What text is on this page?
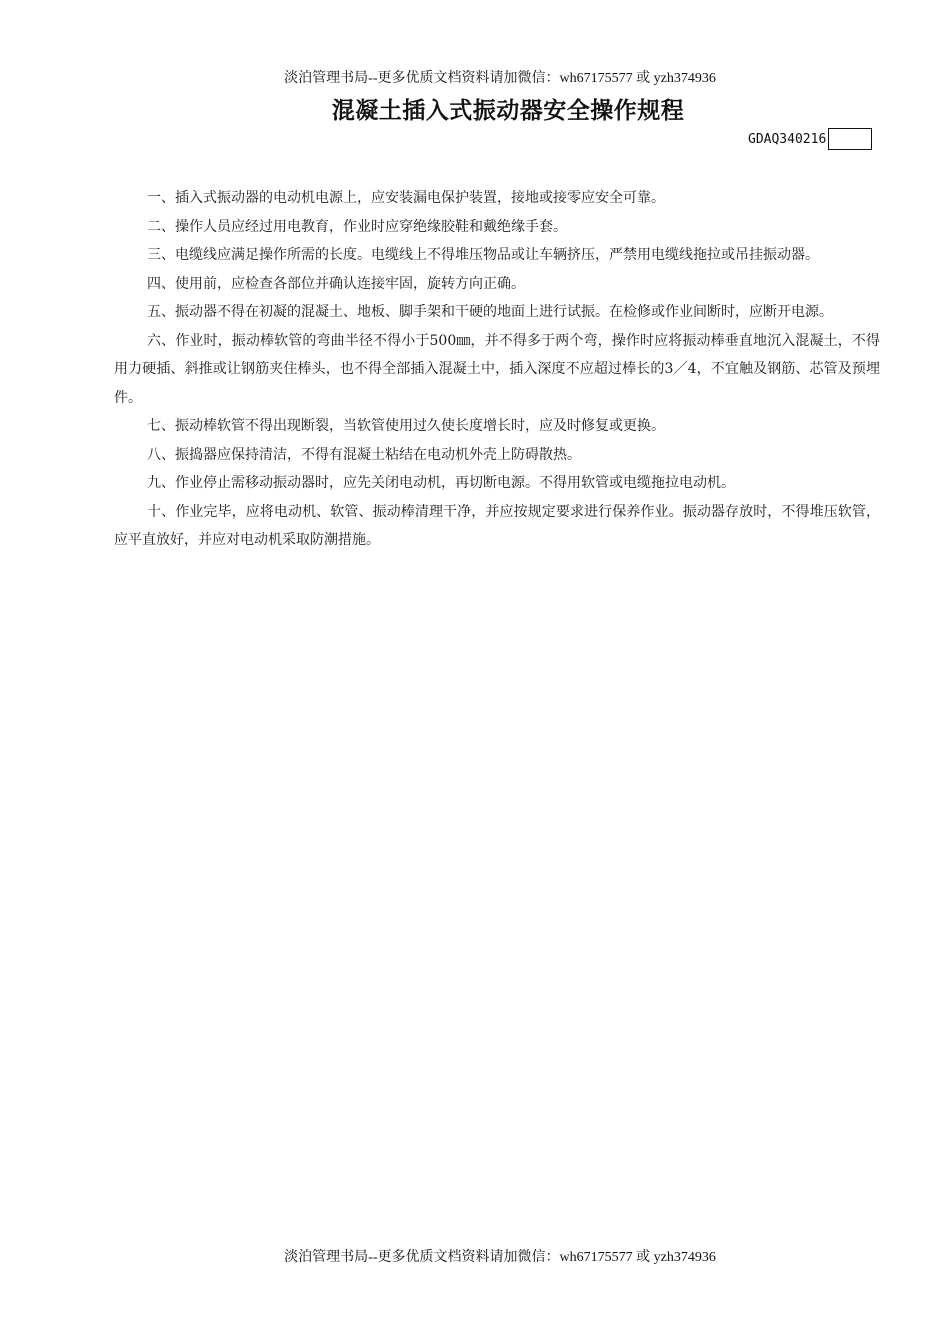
淡泊管理书局--更多优质文档资料请加微信：wh67175577 或 yzh374936
混凝土插入式振动器安全操作规程
GDAQ340216

一、插入式振动器的电动机电源上，应安装漏电保护装置，接地或接零应安全可靠。

二、操作人员应经过用电教育，作业时应穿绝缘胶鞋和戴绝缘手套。

三、电缆线应满足操作所需的长度。电缆线上不得堆压物品或让车辆挤压，严禁用电缆线拖拉或吊挂振动器。

四、使用前，应检查各部位并确认连接牢固，旋转方向正确。

五、振动器不得在初凝的混凝土、地板、脚手架和干硬的地面上进行试振。在检修或作业间断时，应断开电源。

六、作业时，振动棒软管的弯曲半径不得小于500㎜，并不得多于两个弯，操作时应将振动棒垂直地沉入混凝土，不得用力硬插、斜推或让钢筋夹住棒头，也不得全部插入混凝土中，插入深度不应超过棒长的3／4，不宜触及钢筋、芯管及预埋件。

七、振动棒软管不得出现断裂，当软管使用过久使长度增长时，应及时修复或更换。

八、振捣器应保持清洁，不得有混凝土粘结在电动机外壳上防碍散热。

九、作业停止需移动振动器时，应先关闭电动机，再切断电源。不得用软管或电缆拖拉电动机。

十、作业完毕，应将电动机、软管、振动棒清理干净，并应按规定要求进行保养作业。振动器存放时，不得堆压软管，应平直放好，并应对电动机采取防潮措施。

淡泊管理书局--更多优质文档资料请加微信：wh67175577 或 yzh374936
